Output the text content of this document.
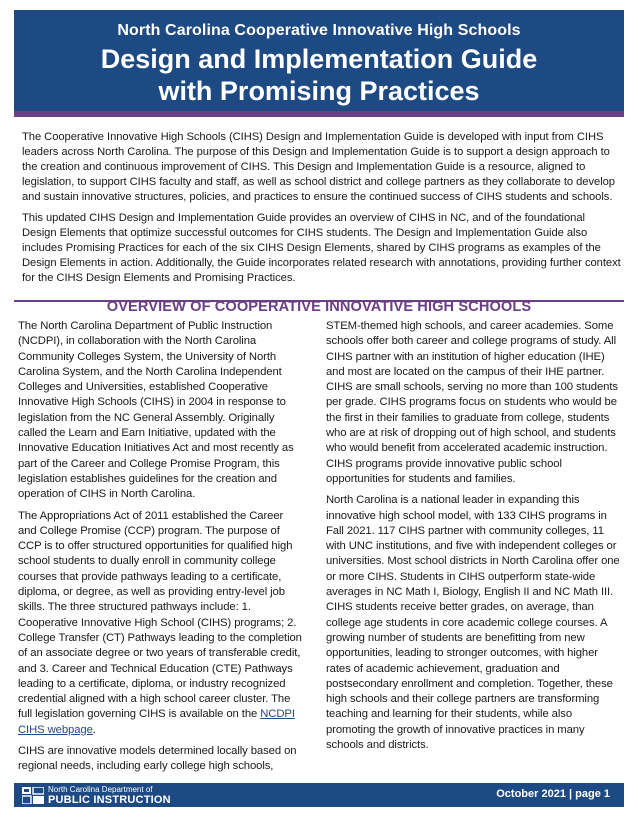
North Carolina Cooperative Innovative High Schools
Design and Implementation Guide
with Promising Practices

The Cooperative Innovative High Schools (CIHS) Design and Implementation Guide is developed with input from CIHS leaders across North Carolina. The purpose of this Design and Implementation Guide is to support a design approach to the creation and continuous improvement of CIHS. This Design and Implementation Guide is a resource, aligned to legislation, to support CIHS faculty and staff, as well as school district and college partners as they collaborate to develop and sustain innovative structures, policies, and practices to ensure the continued success of CIHS students and schools.

This updated CIHS Design and Implementation Guide provides an overview of CIHS in NC, and of the foundational Design Elements that optimize successful outcomes for CIHS students. The Design and Implementation Guide also includes Promising Practices for each of the six CIHS Design Elements, shared by CIHS programs as examples of the Design Elements in action. Additionally, the Guide incorporates related research with annotations, providing further context for the CIHS Design Elements and Promising Practices.

OVERVIEW OF COOPERATIVE INNOVATIVE HIGH SCHOOLS

The North Carolina Department of Public Instruction (NCDPI), in collaboration with the North Carolina Community Colleges System, the University of North Carolina System, and the North Carolina Independent Colleges and Universities, established Cooperative Innovative High Schools (CIHS) in 2004 in response to legislation from the NC General Assembly. Originally called the Learn and Earn Initiative, updated with the Innovative Education Initiatives Act and most recently as part of the Career and College Promise Program, this legislation establishes guidelines for the creation and operation of CIHS in North Carolina.

The Appropriations Act of 2011 established the Career and College Promise (CCP) program. The purpose of CCP is to offer structured opportunities for qualified high school students to dually enroll in community college courses that provide pathways leading to a certificate, diploma, or degree, as well as providing entry-level job skills. The three structured pathways include: 1. Cooperative Innovative High School (CIHS) programs; 2. College Transfer (CT) Pathways leading to the completion of an associate degree or two years of transferable credit, and 3. Career and Technical Education (CTE) Pathways leading to a certificate, diploma, or industry recognized credential aligned with a high school career cluster. The full legislation governing CIHS is available on the NCDPI CIHS webpage.

CIHS are innovative models determined locally based on regional needs, including early college high schools,

STEM-themed high schools, and career academies. Some schools offer both career and college programs of study. All CIHS partner with an institution of higher education (IHE) and most are located on the campus of their IHE partner. CIHS are small schools, serving no more than 100 students per grade. CIHS programs focus on students who would be the first in their families to graduate from college, students who are at risk of dropping out of high school, and students who would benefit from accelerated academic instruction. CIHS programs provide innovative public school opportunities for students and families.

North Carolina is a national leader in expanding this innovative high school model, with 133 CIHS programs in Fall 2021. 117 CIHS partner with community colleges, 11 with UNC institutions, and five with independent colleges or universities. Most school districts in North Carolina offer one or more CIHS. Students in CIHS outperform state-wide averages in NC Math I, Biology, English II and NC Math III. CIHS students receive better grades, on average, than college age students in core academic college courses. A growing number of students are benefitting from new opportunities, leading to stronger outcomes, with higher rates of academic achievement, graduation and postsecondary enrollment and completion. Together, these high schools and their college partners are transforming teaching and learning for their students, while also promoting the growth of innovative practices in many schools and districts.

North Carolina Department of
PUBLIC INSTRUCTION	October 2021 | page 1
